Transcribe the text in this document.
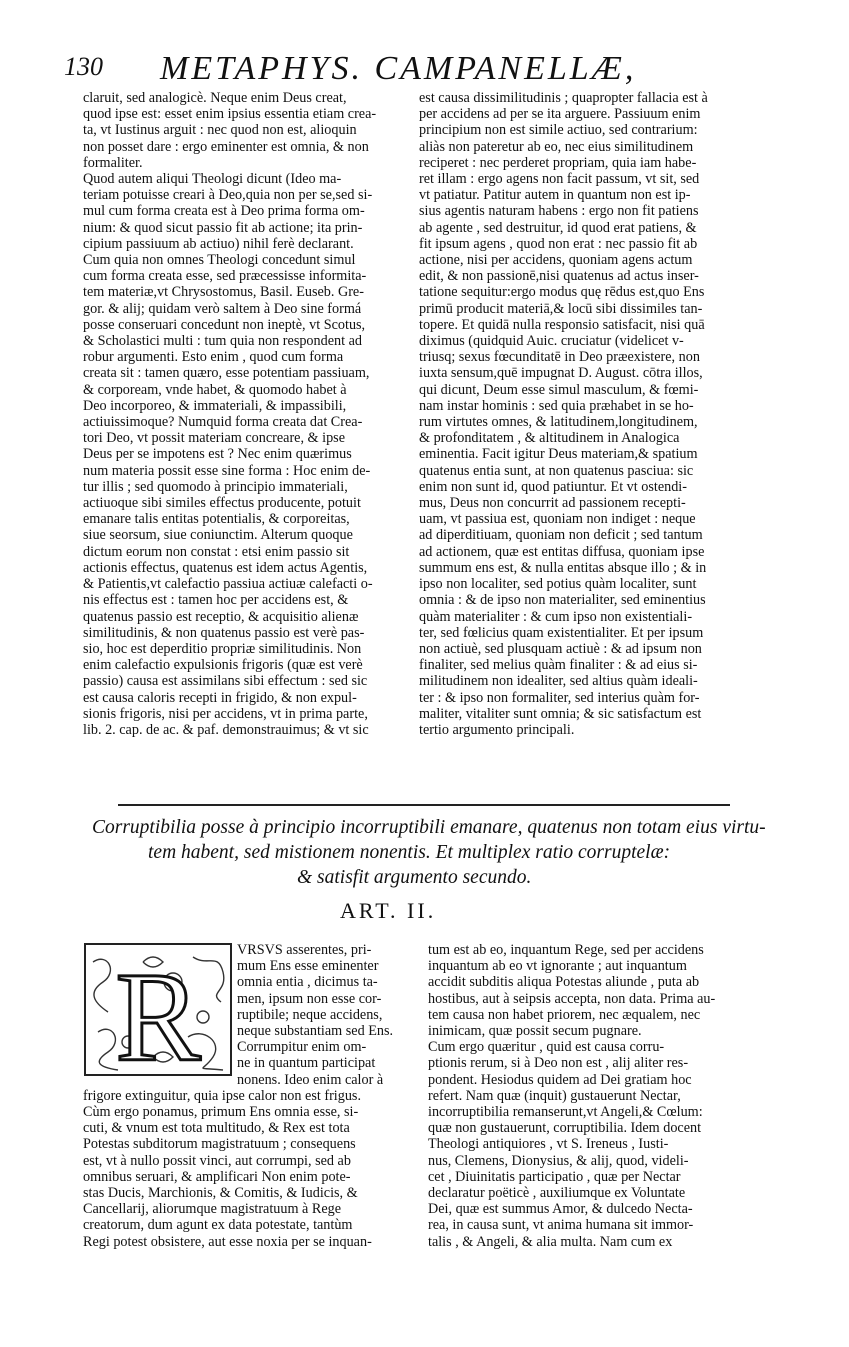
130 METAPHYS. CAMPANELLÆ,
claruit, sed analogicè. Neque enim Deus creat,
quod ipse est: esset enim ipsius essentia etiam crea-
ta, vt Iustinus arguit : nec quod non est, alioquin
non posset dare : ergo eminenter est omnia, & non
formaliter.
Quod autem aliqui Theologi dicunt (Ideo ma-
teriam potuisse creari à Deo,quia non per se,sed si-
mul cum forma creata est à Deo prima forma om-
nium: & quod sicut passio fit ab actione; ita prin-
cipium passiuum ab actiuo) nihil ferè declarant.
Cum quia non omnes Theologi concedunt simul
cum forma creata esse, sed præcessisse informita-
tem materiæ,vt Chrysostomus, Basil. Euseb. Gre-
gor. & alij; quidam verò saltem à Deo sine formá
posse conseruari concedunt non ineptè, vt Scotus,
& Scholastici multi : tum quia non respondent ad
robur argumenti. Esto enim , quod cum forma
creata sit : tamen quæro, esse potentiam passiuam,
& corpoream, vnde habet, & quomodo habet à
Deo incorporeo, & immateriali, & impassibili,
actiuissimoque? Numquid forma creata dat Crea-
tori Deo, vt possit materiam concreare, & ipse
Deus per se impotens est ? Nec enim quærimus
num materia possit esse sine forma : Hoc enim de-
tur illis ; sed quomodo à principio immateriali,
actiuoque sibi similes effectus producente, potuit
emanare talis entitas potentialis, & corporeitas,
siue seorsum, siue coniunctim. Alterum quoque
dictum eorum non constat : etsi enim passio sit
actionis effectus, quatenus est idem actus Agentis,
& Patientis,vt calefactio passiua actiuæ calefacti o-
nis effectus est : tamen hoc per accidens est, &
quatenus passio est receptio, & acquisitio alienæ
similitudinis, & non quatenus passio est verè pas-
sio, hoc est deperditio propriæ similitudinis. Non
enim calefactio expulsionis frigoris (quæ est verè
passio) causa est assimilans sibi effectum : sed sic
est causa caloris recepti in frigido, & non expul-
sionis frigoris, nisi per accidens, vt in prima parte,
lib. 2. cap. de ac. & paf. demonstrauimus; & vt sic
est causa dissimilitudinis ; quapropter fallacia est à
per accidens ad per se ita arguere. Passiuum enim
principium non est simile actiuo, sed contrarium:
aliàs non pateretur ab eo, nec eius similitudinem
reciperet : nec perderet propriam, quia iam habe-
ret illam : ergo agens non facit passum, vt sit, sed
vt patiatur. Patitur autem in quantum non est ip-
sius agentis naturam habens : ergo non fit patiens
ab agente , sed destruitur, id quod erat patiens, &
fit ipsum agens , quod non erat : nec passio fit ab
actione, nisi per accidens, quoniam agens actum
edit, & non passionē,nisi quatenus ad actus inser-
tatione sequitur:ergo modus quę rēdus est,quo Ens
primū producit materiā,& locū sibi dissimiles tan-
topere. Et quidā nulla responsio satisfacit, nisi quā
diximus (quidquid Auic. cruciatur (videlicet v-
triusq; sexus fœcunditatē in Deo præexistere, non
iuxta sensum,quē impugnat D. August. cōtra illos,
qui dicunt, Deum esse simul masculum, & fœmi-
nam instar hominis : sed quia præhabet in se ho-
rum virtutes omnes, & latitudinem,longitudinem,
& profonditatem , & altitudinem in Analogica
eminentia. Facit igitur Deus materiam,& spatium
quatenus entia sunt, at non quatenus pasciua: sic
enim non sunt id, quod patiuntur. Et vt ostendi-
mus, Deus non concurrit ad passionem recepti-
uam, vt passiua est, quoniam non indiget : neque
ad diperditiuam, quoniam non deficit ; sed tantum
ad actionem, quæ est entitas diffusa, quoniam ipse
summum ens est, & nulla entitas absque illo ; & in
ipso non localiter, sed potius quàm localiter, sunt
omnia : & de ipso non materialiter, sed eminentius
quàm materialiter : & cum ipso non existentiali-
ter, sed fœlicius quam existentialiter. Et per ipsum
non actiuè, sed plusquam actiuè : & ad ipsum non
finaliter, sed melius quàm finaliter : & ad eius si-
militudinem non idealiter, sed altius quàm ideali-
ter : & ipso non formaliter, sed interius quàm for-
maliter, vitaliter sunt omnia; & sic satisfactum est
tertio argumento principali.
Corruptibilia posse à principio incorruptibili emanare, quatenus non totam eius virtu-
tem habent, sed mistionem nonentis. Et multiplex ratio corruptelæ:
& satisfit argumento secundo.
ART. II.
R	VRSVS asserentes, pri-
mum Ens esse eminenter
omnia entia , dicimus ta-
men, ipsum non esse cor-
ruptibile; neque accidens,
neque substantiam sed Ens.
Corrumpitur enim om-
ne in quantum participat
nonens. Ideo enim calor à
frigore extinguitur, quia ipse calor non est frigus.
Cùm ergo ponamus, primum Ens omnia esse, si-
cuti, & vnum est tota multitudo, & Rex est tota
Potestas subditorum magistratuum ; consequens
est, vt à nullo possit vinci, aut corrumpi, sed ab
omnibus seruari, & amplificari Non enim pote-
stas Ducis, Marchionis, & Comitis, & Iudicis, &
Cancellarij, aliorumque magistratuum à Rege
creatorum, dum agunt ex data potestate, tantùm
Regi potest obsistere, aut esse noxia per se inquan-
tum est ab eo, inquantum Rege, sed per accidens
inquantum ab eo vt ignorante ; aut inquantum
accidit subditis aliqua Potestas aliunde , puta ab
hostibus, aut à seipsis accepta, non data. Prima au-
tem causa non habet priorem, nec æqualem, nec
inimicam, quæ possit secum pugnare.
Cum ergo quæritur , quid est causa corru-
ptionis rerum, si à Deo non est , alij aliter res-
pondent. Hesiodus quidem ad Dei gratiam hoc
refert. Nam quæ (inquit) gustauerunt Nectar,
incorruptibilia remanserunt,vt Angeli,& Cœlum:
quæ non gustauerunt, corruptibilia. Idem docent
Theologi antiquiores , vt S. Ireneus , Iusti-
nus, Clemens, Dionysius, & alij, quod, videli-
cet , Diuinitatis participatio , quæ per Nectar
declaratur poëticè , auxiliumque ex Voluntate
Dei, quæ est summus Amor, & dulcedo Necta-
rea, in causa sunt, vt anima humana sit immor-
talis , & Angeli, & alia multa. Nam cum ex
